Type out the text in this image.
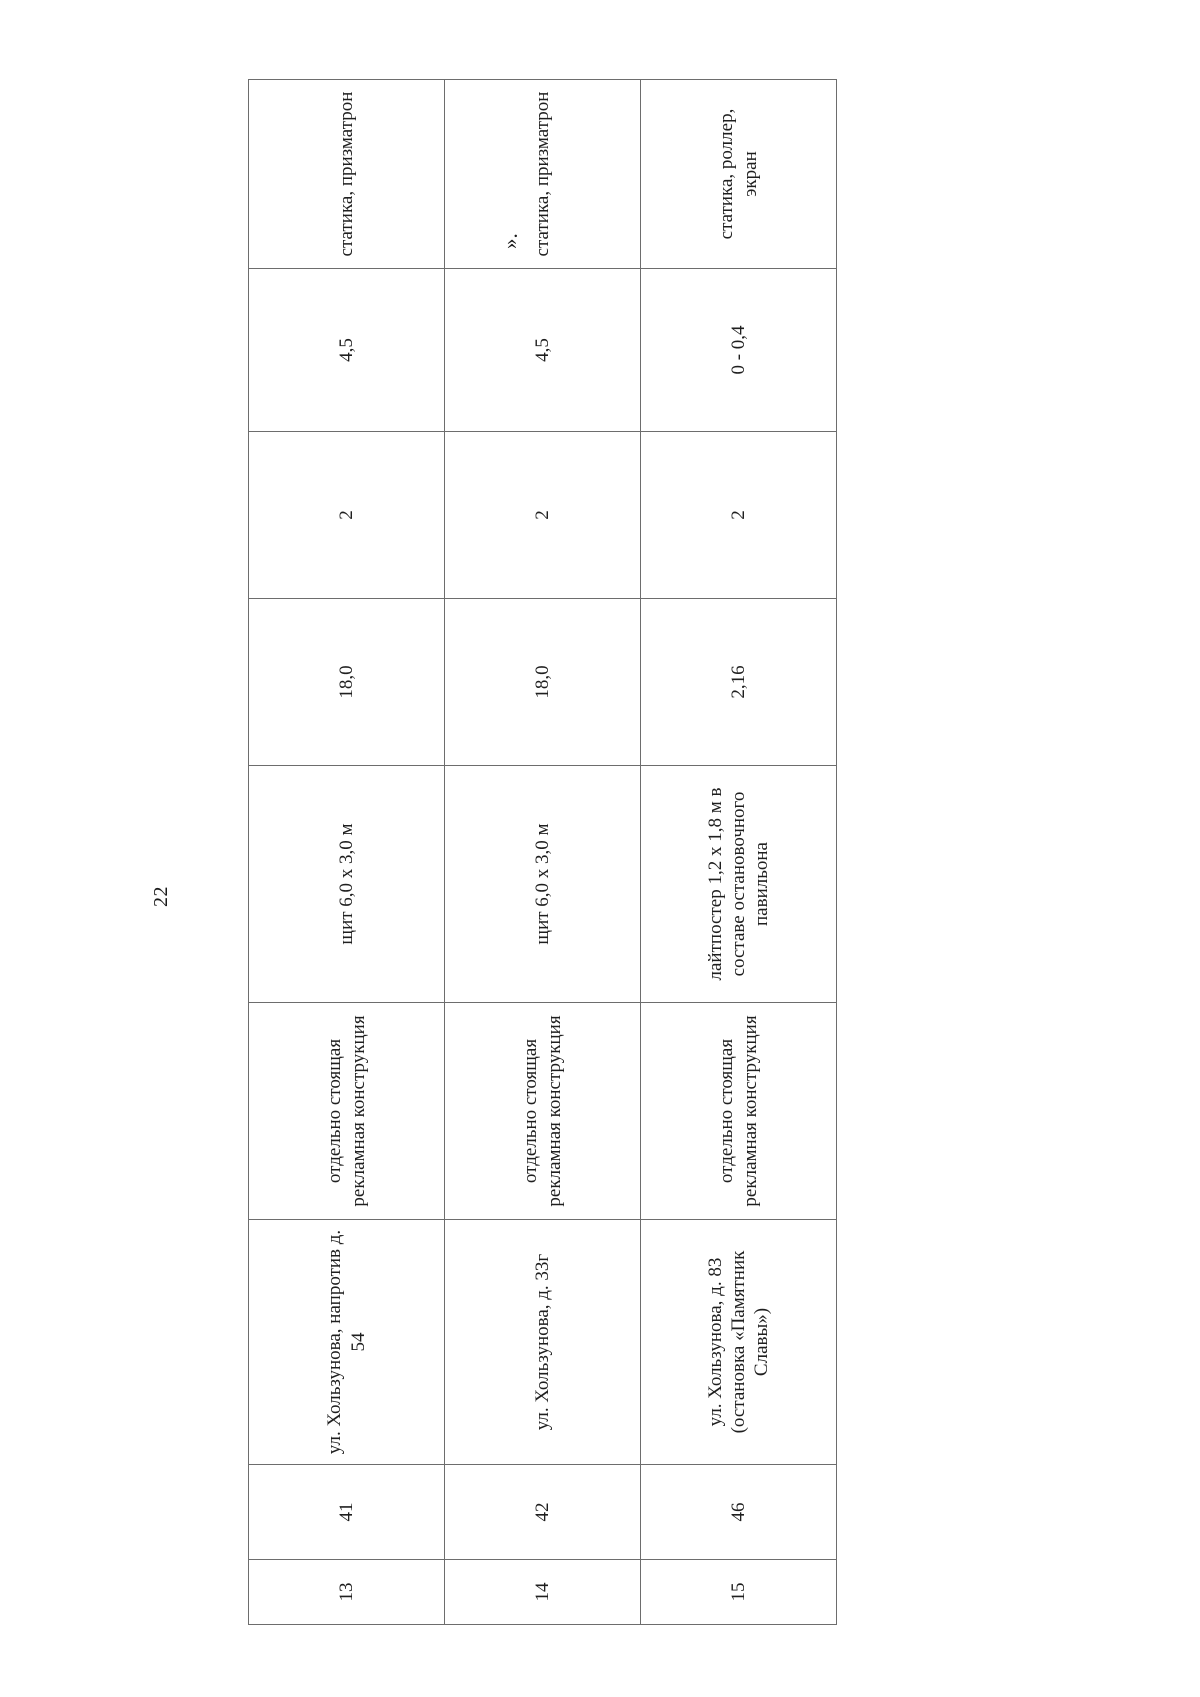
22
13	41	ул. Хользунова, напротив д. 54	отдельно стоящая рекламная конструкция	щит 6,0 х 3,0 м	18,0	2	4,5	статика, призматрон
14	42	ул. Хользунова, д. 33г	отдельно стоящая рекламная конструкция	щит 6,0 х 3,0 м	18,0	2	4,5	статика, призматрон
15	46	ул. Хользунова, д. 83 (остановка «Памятник Славы»)	отдельно стоящая рекламная конструкция	лайтпостер 1,2 х 1,8 м в составе остановочного павильона	2,16	2	0 - 0,4	статика, роллер, экран
».
